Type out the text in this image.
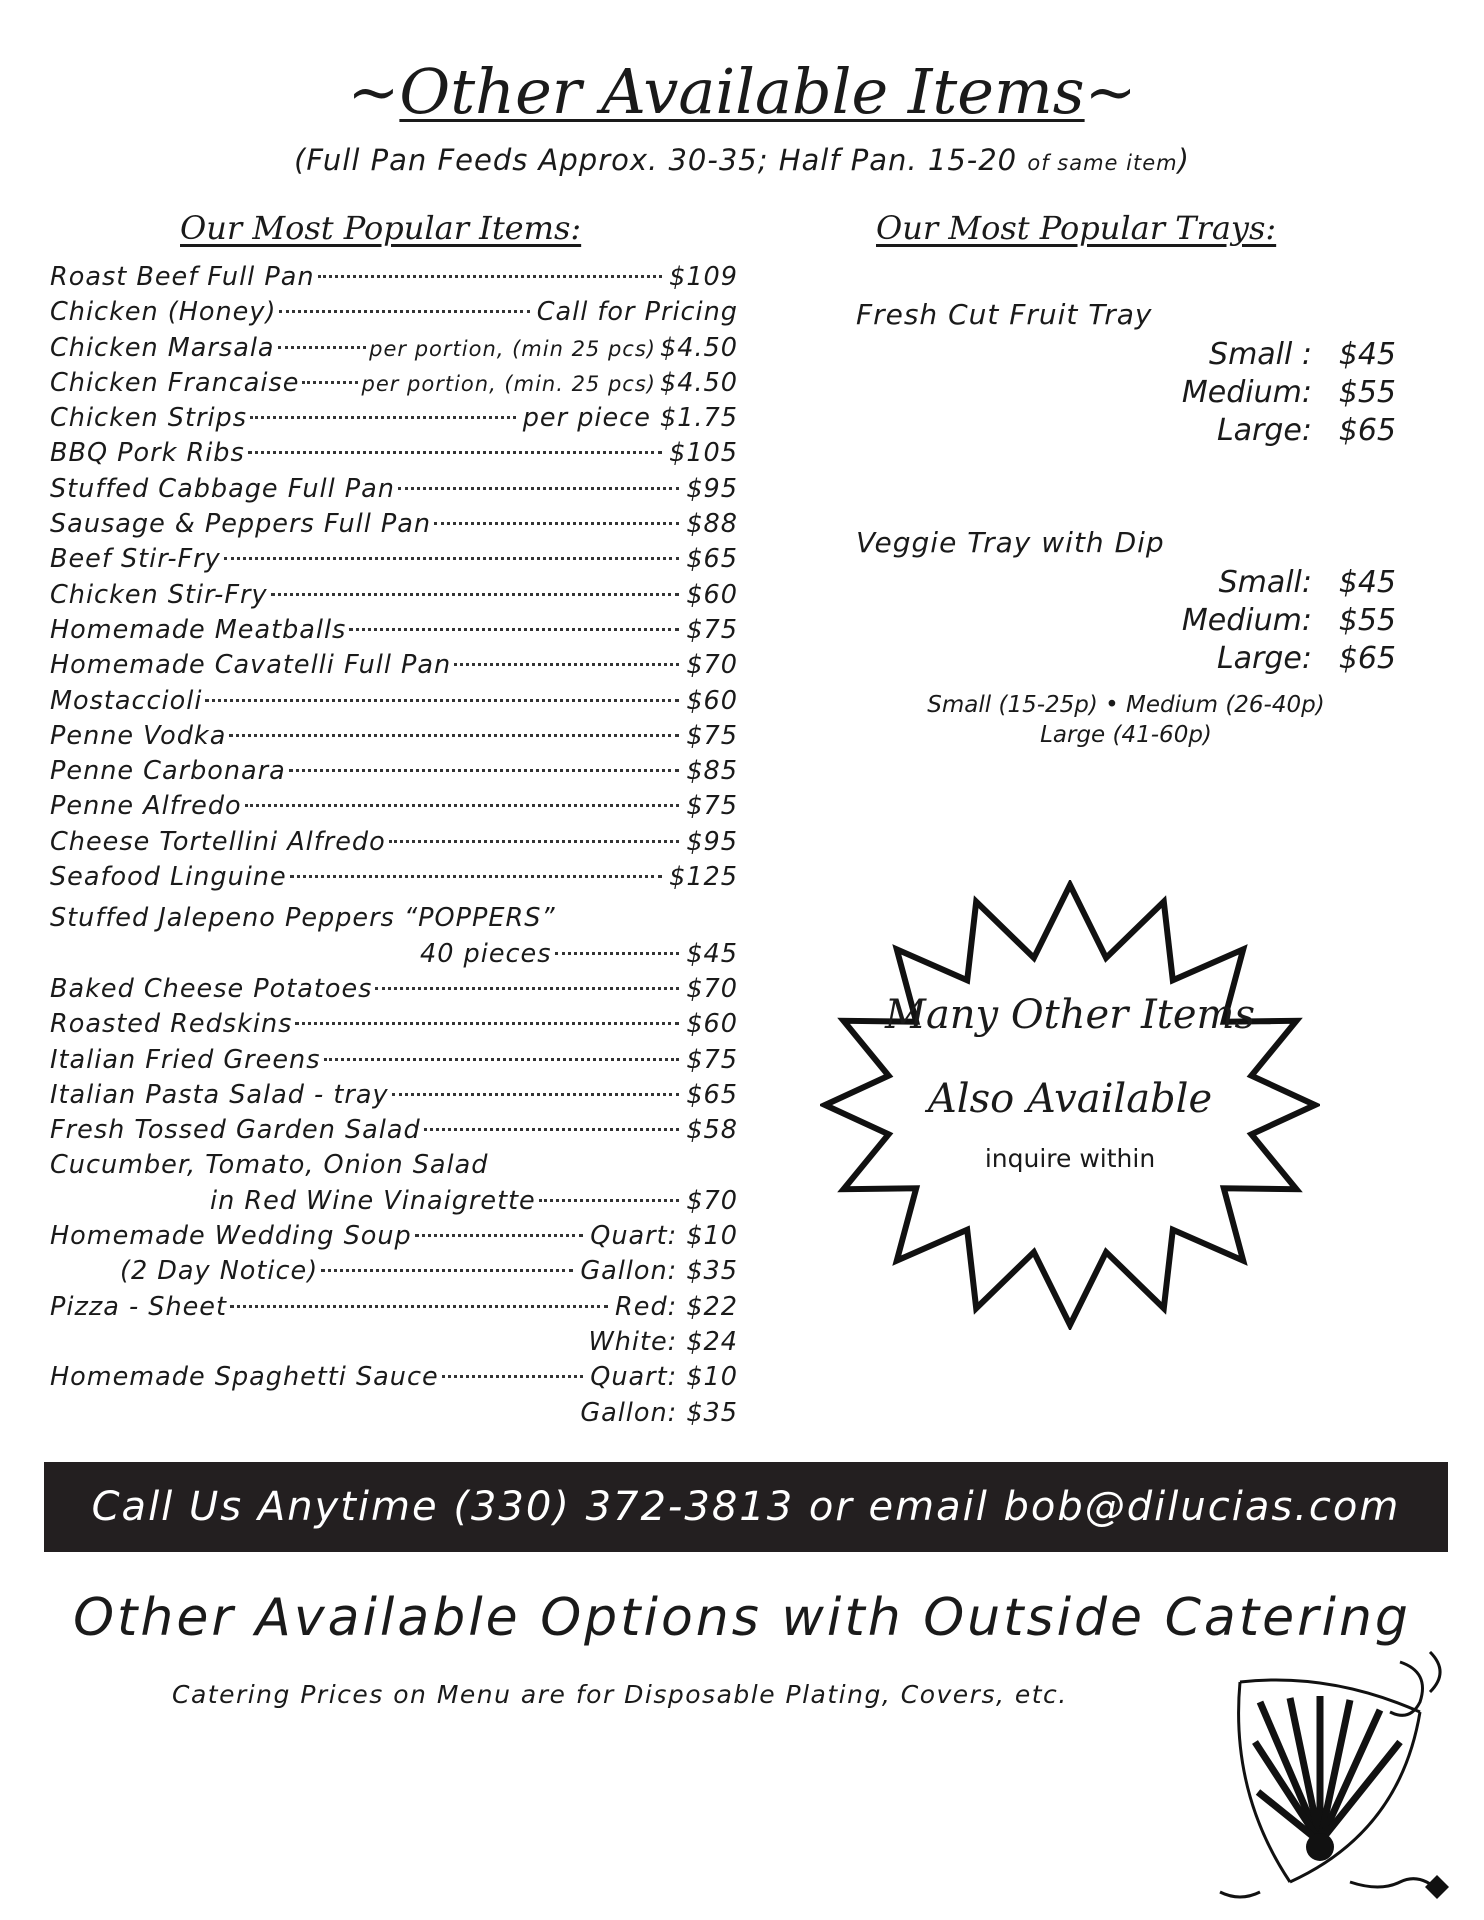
~Other Available Items~
(Full Pan Feeds Approx. 30-35; Half Pan. 15-20 of same item)
Our Most Popular Items:	Our Most Popular Trays:
Roast Beef Full Pan	$109
Chicken (Honey)	Call for Pricing
Chicken Marsala	per portion, (min 25 pcs) $4.50
Chicken Francaise	per portion, (min. 25 pcs) $4.50
Chicken Strips	per piece $1.75
BBQ Pork Ribs	$105
Stuffed Cabbage Full Pan	$95
Sausage & Peppers Full Pan	$88
Beef Stir-Fry	$65
Chicken Stir-Fry	$60
Homemade Meatballs	$75
Homemade Cavatelli Full Pan	$70
Mostaccioli	$60
Penne Vodka	$75
Penne Carbonara	$85
Penne Alfredo	$75
Cheese Tortellini Alfredo	$95
Seafood Linguine	$125
Stuffed Jalepeno Peppers “POPPERS”
40 pieces	$45
Baked Cheese Potatoes	$70
Roasted Redskins	$60
Italian Fried Greens	$75
Italian Pasta Salad - tray	$65
Fresh Tossed Garden Salad	$58
Cucumber, Tomato, Onion Salad
in Red Wine Vinaigrette	$70
Homemade Wedding Soup	Quart: $10
(2 Day Notice)	Gallon: $35
Pizza - Sheet	Red: $22
White: $24
Homemade Spaghetti Sauce	Quart: $10
Gallon: $35
Fresh Cut Fruit Tray
Small : $45
Medium: $55
Large: $65
Veggie Tray with Dip
Small: $45
Medium: $55
Large: $65
Small (15-25p) • Medium (26-40p)
Large (41-60p)
Many Other Items
Also Available
inquire within
Call Us Anytime (330) 372-3813 or email bob@dilucias.com
Other Available Options with Outside Catering
Catering Prices on Menu are for Disposable Plating, Covers, etc.
